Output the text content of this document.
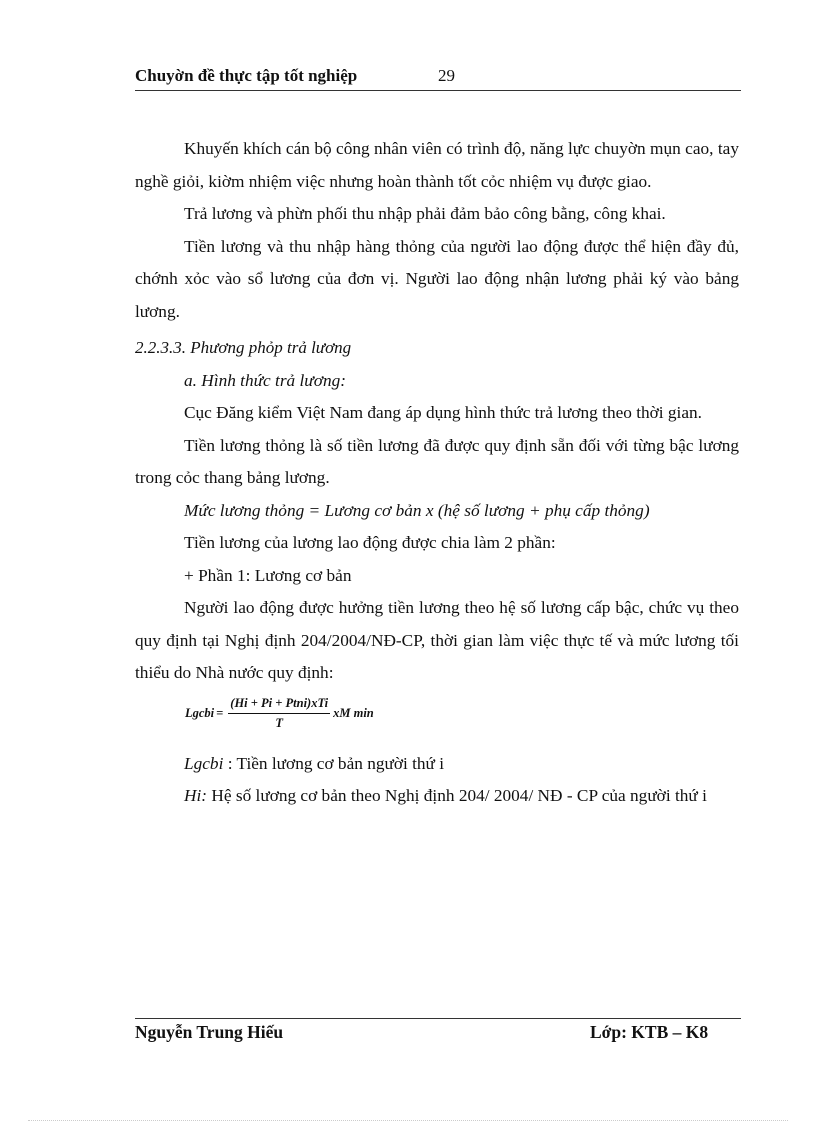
Chuyờn đề thực tập tốt nghiệp	29

Khuyến khích cán bộ công nhân viên có trình độ, năng lực chuyờn mụn cao, tay nghề giỏi, kiờm nhiệm việc nhưng hoàn thành tốt cỏc nhiệm vụ được giao.

Trả lương và phừn phối thu nhập phải đảm bảo công bằng, công khai.

Tiền lương và thu nhập hàng thỏng của người lao động được thể hiện đầy đủ, chớnh xỏc vào sổ lương của đơn vị. Người lao động nhận lương phải ký vào bảng lương.

2.2.3.3. Phương phỏp trả lương

a. Hình thức trả lương:

Cục Đăng kiểm Việt Nam đang áp dụng hình thức trả lương theo thời gian.

Tiền lương thỏng là số tiền lương đã được quy định sẵn đối với từng bậc lương trong cỏc thang bảng lương.

Mức lương thỏng = Lương cơ bản x (hệ số lương + phụ cấp thỏng)

Tiền lương của lương lao động được chia làm 2 phần:

+ Phần 1: Lương cơ bản

Người lao động được hưởng tiền lương theo hệ số lương cấp bậc, chức vụ theo quy định tại Nghị định 204/2004/NĐ-CP, thời gian làm việc thực tế và mức lương tối thiểu do Nhà nước quy định:

Lgcbi = $\frac{\text{(Hi + Pi + Ptni)xTi}}{T}$ xM min

Lgcbi : Tiền lương cơ bản người thứ i

Hi: Hệ số lương cơ bản theo Nghị định 204/ 2004/ NĐ - CP của người thứ i

Nguyễn Trung Hiếu	Lớp: KTB – K8
